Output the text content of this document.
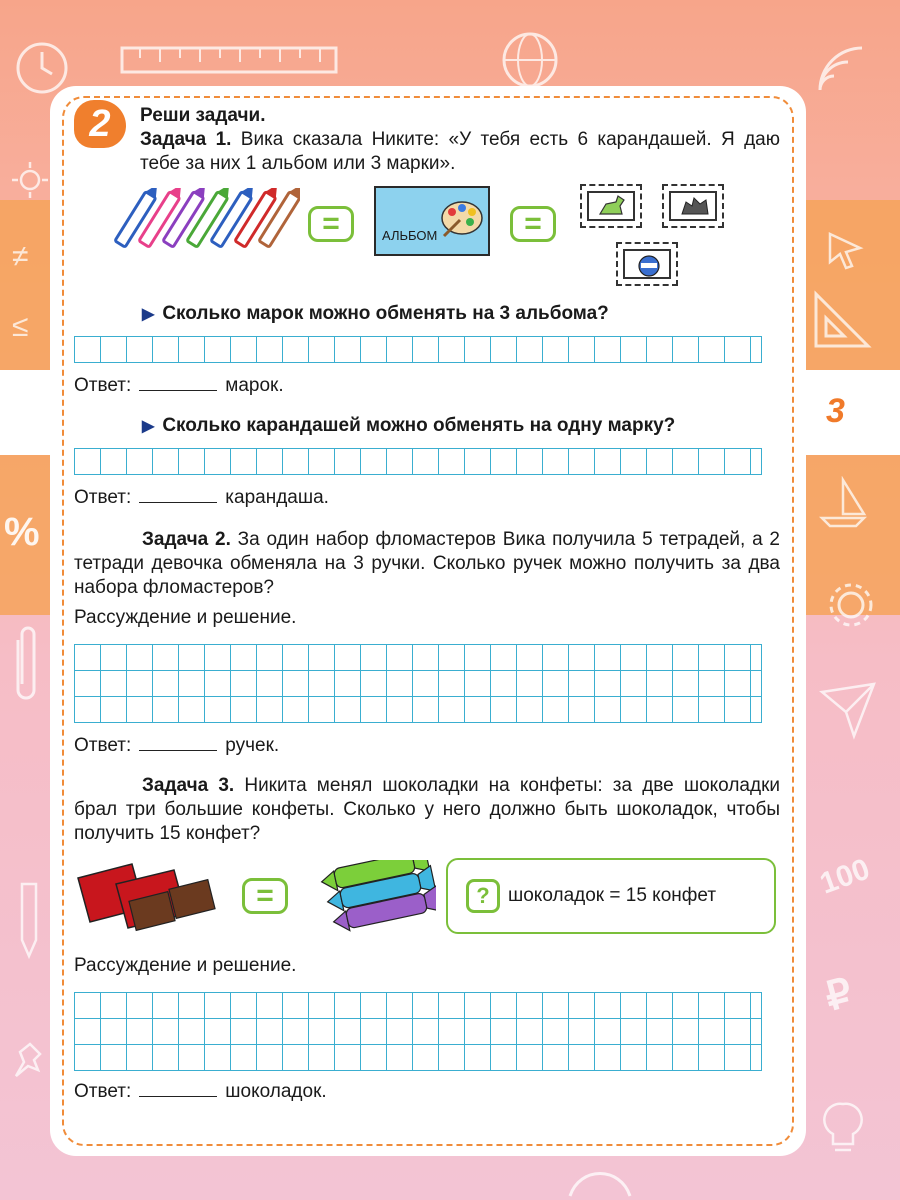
≠
≤
%
100
₽
3
2	Реши задачи.
Задача 1. Вика сказала Никите: «У тебя есть 6 карандашей. Я даю тебе за них 1 альбом или 3 марки».
=	АЛЬБОМ	=
▶ Сколько марок можно обменять на 3 альбома?
Ответ:	марок.
▶ Сколько карандашей можно обменять на одну марку?
Ответ:	карандаша.
Задача 2. За один набор фломастеров Вика получила 5 тетрадей, а 2 тетради девочка обменяла на 3 ручки. Сколько ручек можно получить за два набора фломастеров?
Рассуждение и решение.
Ответ:	ручек.
Задача 3. Никита менял шоколадки на конфеты: за две шоколадки брал три большие конфеты. Сколько у него должно быть шоколадок, чтобы получить 15 конфет?
=	? шоколадок = 15 конфет
Рассуждение и решение.
Ответ:	шоколадок.
